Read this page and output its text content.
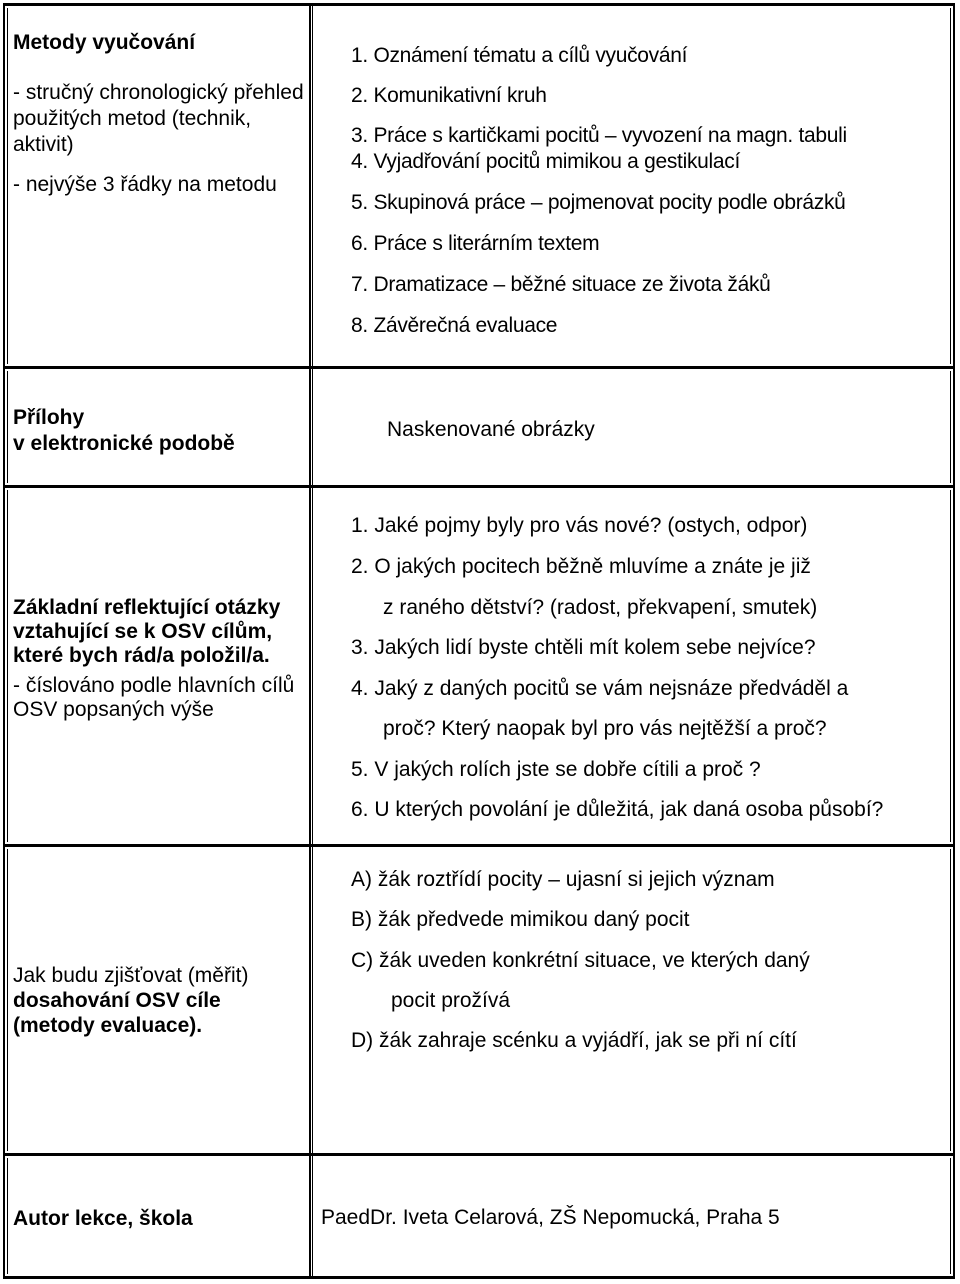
Metody vyučování

- stručný chronologický přehled použitých metod (technik, aktivit)

- nejvýše 3 řádky na metodu

1. Oznámení tématu a cílů vyučování
2. Komunikativní kruh
3. Práce s kartičkami pocitů – vyvození na magn. tabuli
4. Vyjadřování pocitů mimikou a gestikulací
5. Skupinová práce – pojmenovat pocity podle obrázků
6. Práce s literárním textem
7. Dramatizace – běžné situace ze života žáků
8. Závěrečná evaluace

Přílohy

v elektronické podobě

Naskenované obrázky

Základní reflektující otázky vztahující se k OSV cílům, které bych rád/a položil/a.

- číslováno podle hlavních cílů OSV popsaných výše

1. Jaké pojmy byly pro vás nové? (ostych, odpor)
2. O jakých pocitech běžně mluvíme a znáte je již
z raného dětství? (radost, překvapení, smutek)
3. Jakých lidí byste chtěli mít kolem sebe nejvíce?
4. Jaký z daných pocitů se vám nejsnáze předváděl a
proč? Který naopak byl pro vás nejtěžší a proč?
5. V jakých rolích jste se dobře cítili a proč ?
6. U kterých povolání je důležitá, jak daná osoba působí?

Jak budu zjišťovat (měřit)

dosahování OSV cíle (metody evaluace).

A) žák roztřídí pocity – ujasní si jejich význam
B) žák předvede mimikou daný pocit
C) žák uveden konkrétní situace, ve kterých daný
pocit prožívá
D) žák zahraje scénku a vyjádří, jak se při ní cítí
Autor lekce, škola	PaedDr. Iveta Celarová, ZŠ Nepomucká, Praha 5
